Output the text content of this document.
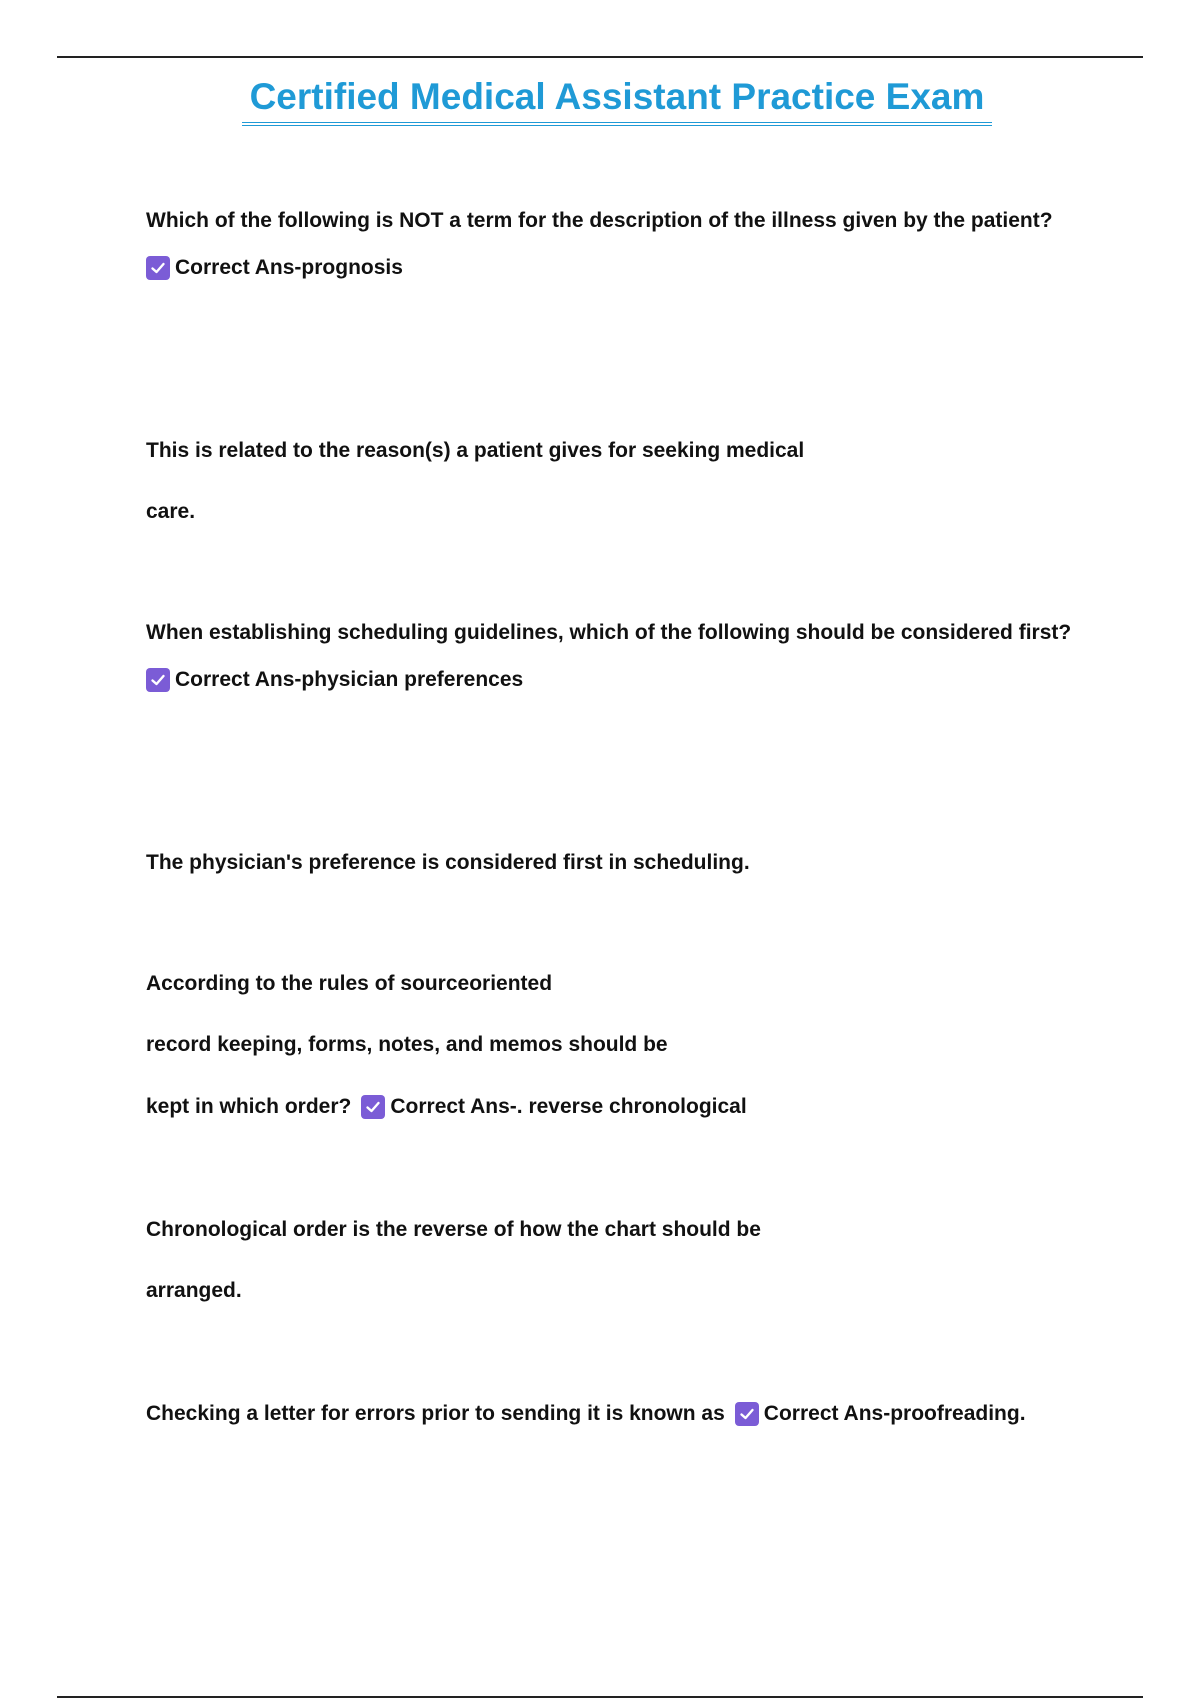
Certified Medical Assistant Practice Exam
Which of the following is NOT a term for the description of the illness given by the patient?
Correct Ans-prognosis
This is related to the reason(s) a patient gives for seeking medical
care.
When establishing scheduling guidelines, which of the following should be considered first?
Correct Ans-physician preferences
The physician's preference is considered first in scheduling.
According to the rules of sourceoriented
record keeping, forms, notes, and memos should be
kept in which order? Correct Ans-. reverse chronological
Chronological order is the reverse of how the chart should be
arranged.
Checking a letter for errors prior to sending it is known as Correct Ans-proofreading.
